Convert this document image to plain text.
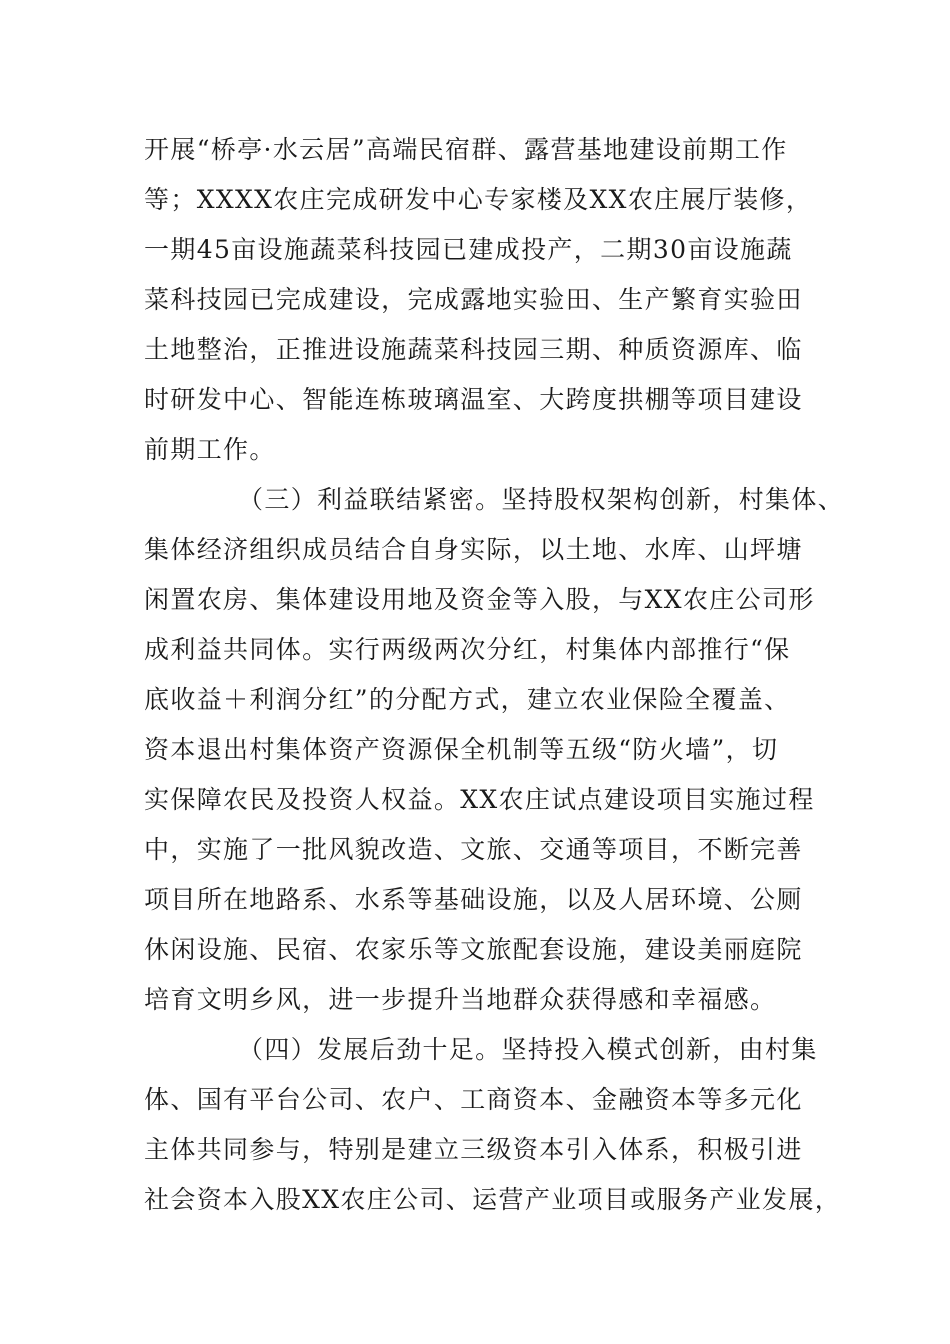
开展“桥亭·水云居”高端民宿群、露营基地建设前期工作
等；XXXX农庄完成研发中心专家楼及XX农庄展厅装修，
一期45亩设施蔬菜科技园已建成投产，二期30亩设施蔬
菜科技园已完成建设，完成露地实验田、生产繁育实验田
土地整治，正推进设施蔬菜科技园三期、种质资源库、临
时研发中心、智能连栋玻璃温室、大跨度拱棚等项目建设
前期工作。
（三）利益联结紧密。坚持股权架构创新，村集体、
集体经济组织成员结合自身实际，以土地、水库、山坪塘
闲置农房、集体建设用地及资金等入股，与XX农庄公司形
成利益共同体。实行两级两次分红，村集体内部推行“保
底收益＋利润分红”的分配方式，建立农业保险全覆盖、
资本退出村集体资产资源保全机制等五级“防火墙”，切
实保障农民及投资人权益。XX农庄试点建设项目实施过程
中，实施了一批风貌改造、文旅、交通等项目，不断完善
项目所在地路系、水系等基础设施，以及人居环境、公厕
休闲设施、民宿、农家乐等文旅配套设施，建设美丽庭院
培育文明乡风，进一步提升当地群众获得感和幸福感。
（四）发展后劲十足。坚持投入模式创新，由村集
体、国有平台公司、农户、工商资本、金融资本等多元化
主体共同参与，特别是建立三级资本引入体系，积极引进
社会资本入股XX农庄公司、运营产业项目或服务产业发展，
